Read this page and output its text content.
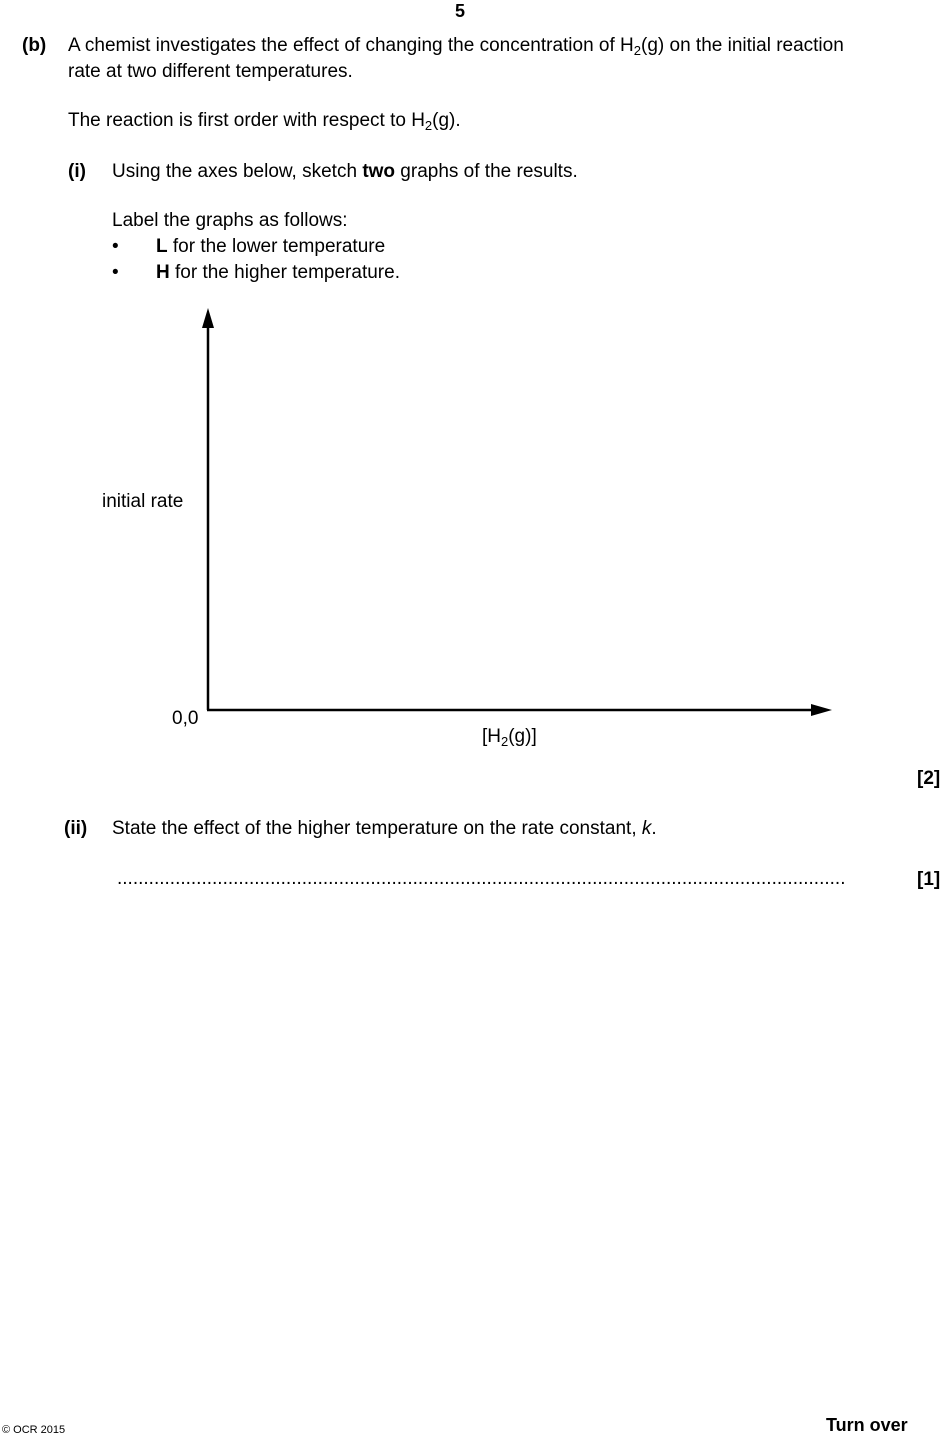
5
(b) A chemist investigates the effect of changing the concentration of $H_2(g)$ on the initial reaction
rate at two different temperatures.
The reaction is first order with respect to $H_2(g)$.
(i) Using the axes below, sketch two graphs of the results.
Label the graphs as follows:
• L for the lower temperature
• H for the higher temperature.
initial rate
0,0
$[H_2(g)]$
[2]
(ii) State the effect of the higher temperature on the rate constant, k.
..........................................................................................................................................	[1]
© OCR 2015	Turn over
